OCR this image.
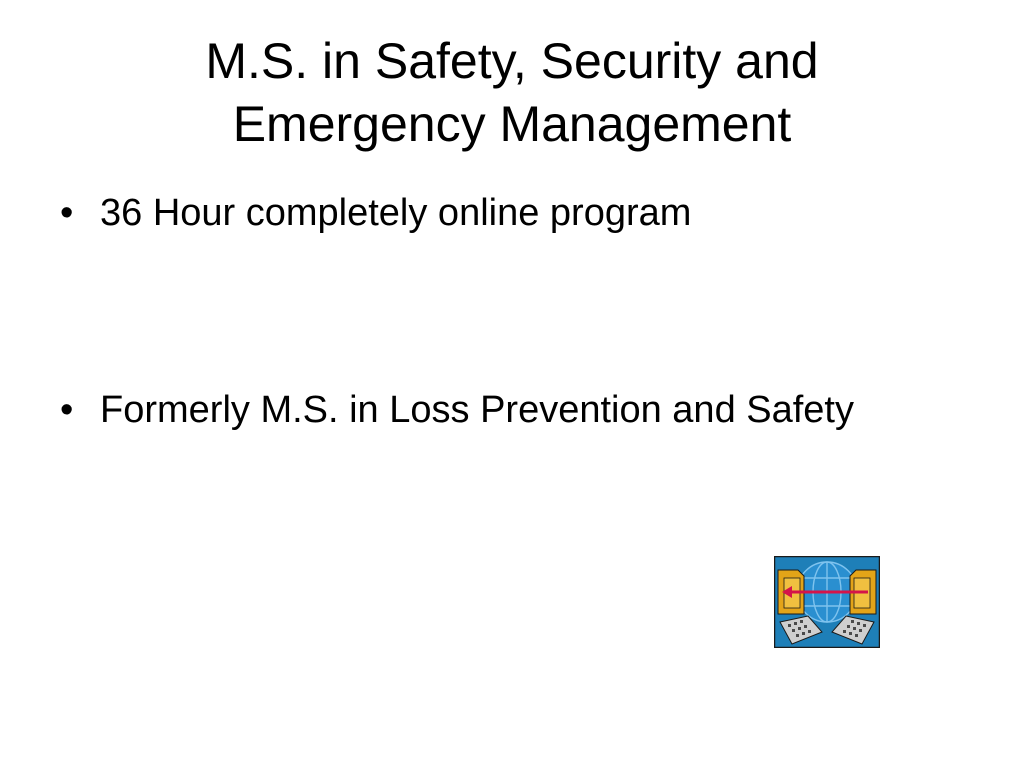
M.S. in Safety, Security and
Emergency Management
• 36 Hour completely online program
• Formerly M.S. in Loss Prevention and Safety
